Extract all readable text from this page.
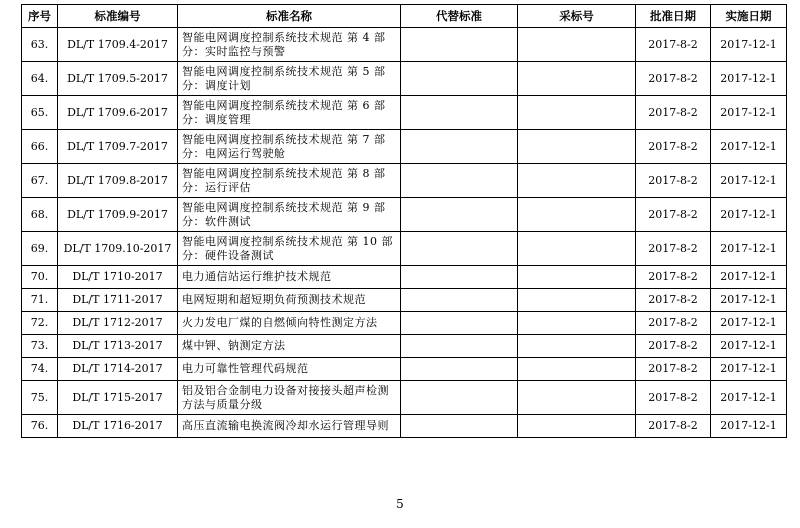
序号	标准编号	标准名称	代替标准	采标号	批准日期	实施日期
63.	DL/T 1709.4-2017	智能电网调度控制系统技术规范 第 4 部
分：实时监控与预警			2017-8-2	2017-12-1
64.	DL/T 1709.5-2017	智能电网调度控制系统技术规范 第 5 部
分：调度计划			2017-8-2	2017-12-1
65.	DL/T 1709.6-2017	智能电网调度控制系统技术规范 第 6 部
分：调度管理			2017-8-2	2017-12-1
66.	DL/T 1709.7-2017	智能电网调度控制系统技术规范 第 7 部
分：电网运行驾驶舱			2017-8-2	2017-12-1
67.	DL/T 1709.8-2017	智能电网调度控制系统技术规范 第 8 部
分：运行评估			2017-8-2	2017-12-1
68.	DL/T 1709.9-2017	智能电网调度控制系统技术规范 第 9 部
分：软件测试			2017-8-2	2017-12-1
69.	DL/T 1709.10-2017	智能电网调度控制系统技术规范 第 10 部
分：硬件设备测试			2017-8-2	2017-12-1
70.	DL/T 1710-2017	电力通信站运行维护技术规范			2017-8-2	2017-12-1
71.	DL/T 1711-2017	电网短期和超短期负荷预测技术规范			2017-8-2	2017-12-1
72.	DL/T 1712-2017	火力发电厂煤的自燃倾向特性测定方法			2017-8-2	2017-12-1
73.	DL/T 1713-2017	煤中钾、钠测定方法			2017-8-2	2017-12-1
74.	DL/T 1714-2017	电力可靠性管理代码规范			2017-8-2	2017-12-1
75.	DL/T 1715-2017	铝及铝合金制电力设备对接接头超声检测
方法与质量分级			2017-8-2	2017-12-1
76.	DL/T 1716-2017	高压直流输电换流阀冷却水运行管理导则			2017-8-2	2017-12-1
5
